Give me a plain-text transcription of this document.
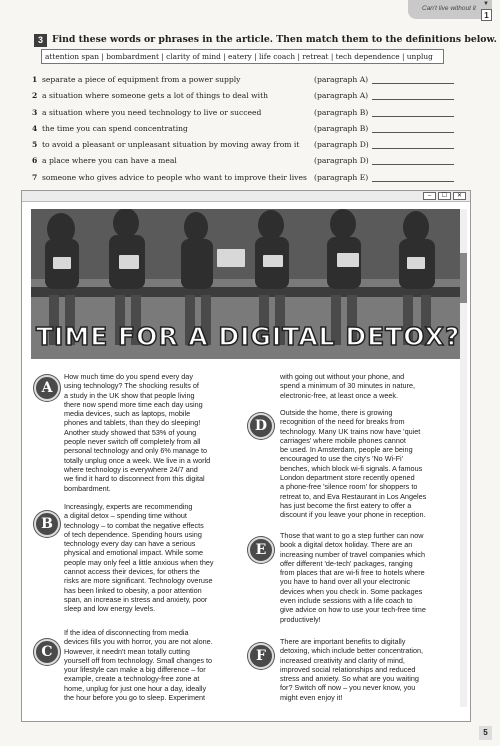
Can't live without it
▼
1
3 Find these words or phrases in the article. Then match them to the definitions below.
attention span | bombardment | clarity of mind | eatery | life coach | retreat | tech dependence | unplug
1 separate a piece of equipment from a power supply	(paragraph A)
2 a situation where someone gets a lot of things to deal with	(paragraph A)
3 a situation where you need technology to live or succeed	(paragraph B)
4 the time you can spend concentrating	(paragraph B)
5 to avoid a pleasant or unpleasant situation by moving away from it (paragraph D)
6 a place where you can have a meal	(paragraph D)
7 someone who gives advice to people who want to improve their lives (paragraph E)
–	☐	✕
TIME FOR A DIGITAL DETOX?
A

How much time do you spend every day
using technology? The shocking results of
a study in the UK show that people living
there now spend more time each day using
media devices, such as laptops, mobile
phones and tablets, than they do sleeping!
Another study showed that 53% of young
people never switch off completely from all
personal technology and only 6% manage to
totally unplug once a week. We live in a world
where technology is everywhere 24/7 and
we find it hard to disconnect from this digital
bombardment.

B

Increasingly, experts are recommending
a digital detox – spending time without
technology – to combat the negative effects
of tech dependence. Spending hours using
technology every day can have a serious
physical and emotional impact. While some
people may only feel a little anxious when they
cannot access their devices, for others the
risks are more significant. Technology overuse
has been linked to obesity, a poor attention
span, an increase in stress and anxiety, poor
sleep and low energy levels.

C

If the idea of disconnecting from media
devices fills you with horror, you are not alone.
However, it needn't mean totally cutting
yourself off from technology. Small changes to
your lifestyle can make a big difference – for
example, create a technology-free zone at
home, unplug for just one hour a day, ideally
the hour before you go to sleep. Experiment

with going out without your phone, and
spend a minimum of 30 minutes in nature,
electronic-free, at least once a week.

D

Outside the home, there is growing
recognition of the need for breaks from
technology. Many UK trains now have 'quiet
carriages' where mobile phones cannot
be used. In Amsterdam, people are being
encouraged to use the city's 'No Wi-Fi'
benches, which block wi-fi signals. A famous
London department store recently opened
a phone-free 'silence room' for shoppers to
retreat to, and Eva Restaurant in Los Angeles
has just become the first eatery to offer a
discount if you leave your phone in reception.

E

Those that want to go a step further can now
book a digital detox holiday. There are an
increasing number of travel companies which
offer different 'de-tech' packages, ranging
from places that are wi-fi free to hotels where
you have to hand over all your electronic
devices when you check in. Some packages
even include sessions with a life coach to
give advice on how to use your tech-free time
productively!

F

There are important benefits to digitally
detoxing, which include better concentration,
increased creativity and clarity of mind,
improved social relationships and reduced
stress and anxiety. So what are you waiting
for? Switch off now – you never know, you
might even enjoy it!

5
